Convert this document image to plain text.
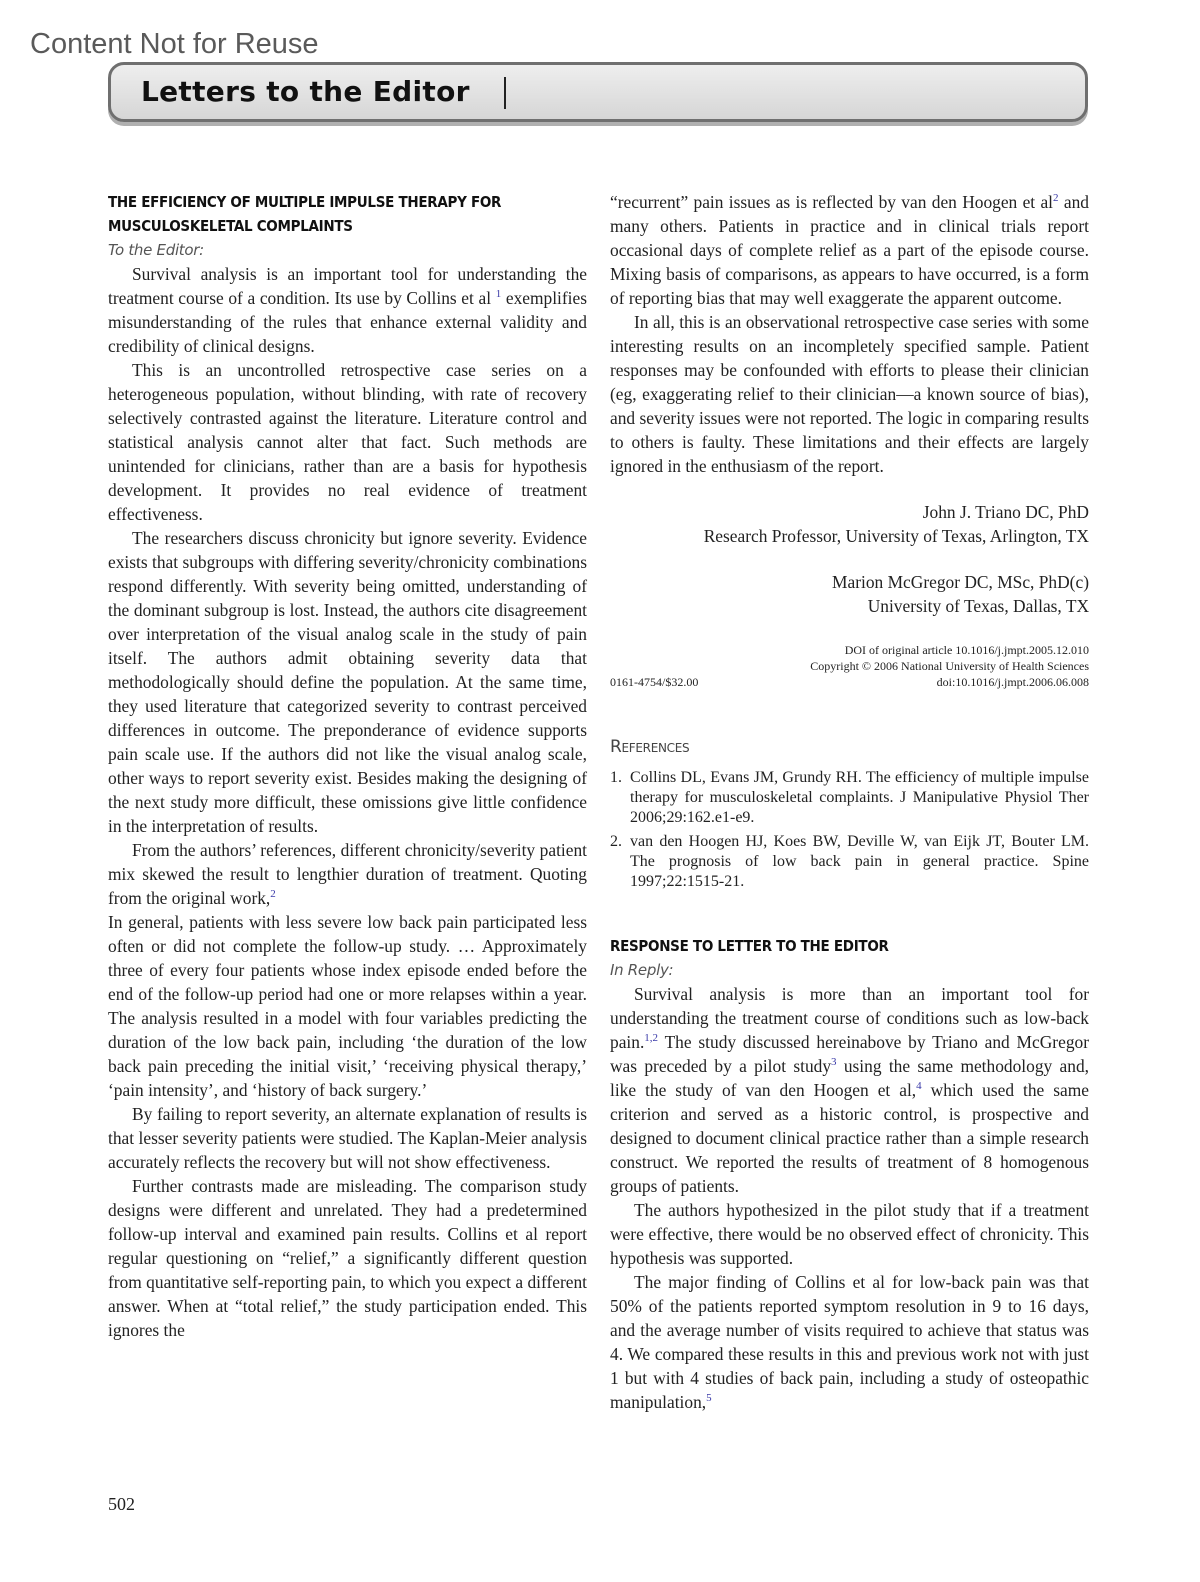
Content Not for Reuse
Letters to the Editor
THE EFFICIENCY OF MULTIPLE IMPULSE THERAPY FOR MUSCULOSKELETAL COMPLAINTS
To the Editor:

Survival analysis is an important tool for understanding the treatment course of a condition. Its use by Collins et al $^1$ exemplifies misunderstanding of the rules that enhance external validity and credibility of clinical designs.

This is an uncontrolled retrospective case series on a heterogeneous population, without blinding, with rate of recovery selectively contrasted against the literature. Literature control and statistical analysis cannot alter that fact. Such methods are unintended for clinicians, rather than are a basis for hypothesis development. It provides no real evidence of treatment effectiveness.

The researchers discuss chronicity but ignore severity. Evidence exists that subgroups with differing severity/chronicity combinations respond differently. With severity being omitted, understanding of the dominant subgroup is lost. Instead, the authors cite disagreement over interpretation of the visual analog scale in the study of pain itself. The authors admit obtaining severity data that methodologically should define the population. At the same time, they used literature that categorized severity to contrast perceived differences in outcome. The preponderance of evidence supports pain scale use. If the authors did not like the visual analog scale, other ways to report severity exist. Besides making the designing of the next study more difficult, these omissions give little confidence in the interpretation of results.

From the authors’ references, different chronicity/severity patient mix skewed the result to lengthier duration of treatment. Quoting from the original work,$^2$

In general, patients with less severe low back pain participated less often or did not complete the follow-up study. … Approximately three of every four patients whose index episode ended before the end of the follow-up period had one or more relapses within a year. The analysis resulted in a model with four variables predicting the duration of the low back pain, including ‘the duration of the low back pain preceding the initial visit,’ ‘receiving physical therapy,’ ‘pain intensity’, and ‘history of back surgery.’

By failing to report severity, an alternate explanation of results is that lesser severity patients were studied. The Kaplan-Meier analysis accurately reflects the recovery but will not show effectiveness.

Further contrasts made are misleading. The comparison study designs were different and unrelated. They had a predetermined follow-up interval and examined pain results. Collins et al report regular questioning on “relief,” a significantly different question from quantitative self-reporting pain, to which you expect a different answer. When at “total relief,” the study participation ended. This ignores the

“recurrent” pain issues as is reflected by van den Hoogen et $al^2$ and many others. Patients in practice and in clinical trials report occasional days of complete relief as a part of the episode course. Mixing basis of comparisons, as appears to have occurred, is a form of reporting bias that may well exaggerate the apparent outcome.

In all, this is an observational retrospective case series with some interesting results on an incompletely specified sample. Patient responses may be confounded with efforts to please their clinician (eg, exaggerating relief to their clinician—a known source of bias), and severity issues were not reported. The logic in comparing results to others is faulty. These limitations and their effects are largely ignored in the enthusiasm of the report.

John J. Triano DC, PhD
Research Professor, University of Texas, Arlington, TX
Marion McGregor DC, MSc, PhD(c)
University of Texas, Dallas, TX
0161-4754/$32.00
DOI of original article 10.1016/j.jmpt.2005.12.010
Copyright © 2006 National University of Health Sciences
doi:10.1016/j.jmpt.2006.06.008
References
1. Collins DL, Evans JM, Grundy RH. The efficiency of multiple impulse therapy for musculoskeletal complaints. J Manipulative Physiol Ther 2006;29:162.e1-e9.
2. van den Hoogen HJ, Koes BW, Deville W, van Eijk JT, Bouter LM. The prognosis of low back pain in general practice. Spine 1997;22:1515-21.
RESPONSE TO LETTER TO THE EDITOR
In Reply:

Survival analysis is more than an important tool for understanding the treatment course of conditions such as low-back pain.$^{1,2}$ The study discussed hereinabove by Triano and McGregor was preceded by a pilot study$^3$ using the same methodology and, like the study of van den Hoogen et al,$^4$ which used the same criterion and served as a historic control, is prospective and designed to document clinical practice rather than a simple research construct. We reported the results of treatment of 8 homogenous groups of patients.

The authors hypothesized in the pilot study that if a treatment were effective, there would be no observed effect of chronicity. This hypothesis was supported.

The major finding of Collins et al for low-back pain was that 50% of the patients reported symptom resolution in 9 to 16 days, and the average number of visits required to achieve that status was 4. We compared these results in this and previous work not with just 1 but with 4 studies of back pain, including a study of osteopathic manipulation,$^5$

502
